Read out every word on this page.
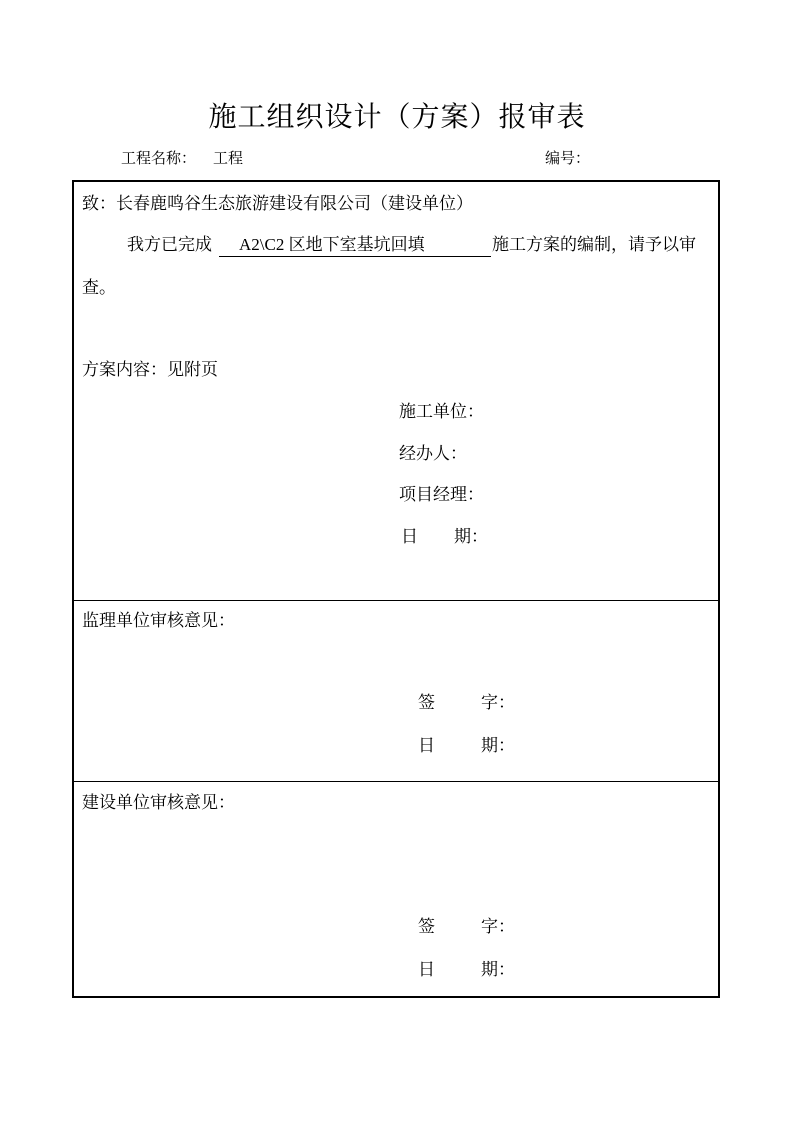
施工组织设计（方案）报审表
工程名称： 工程	编号：
致：长春鹿鸣谷生态旅游建设有限公司（建设单位）
我方已完成	A2\C2 区地下室基坑回填	施工方案的编制，请予以审
查。
方案内容：见附页
施工单位：
经办人：
项目经理：
日 期：
监理单位审核意见：
签	字：
日	期：
建设单位审核意见：
签	字：
日	期：
